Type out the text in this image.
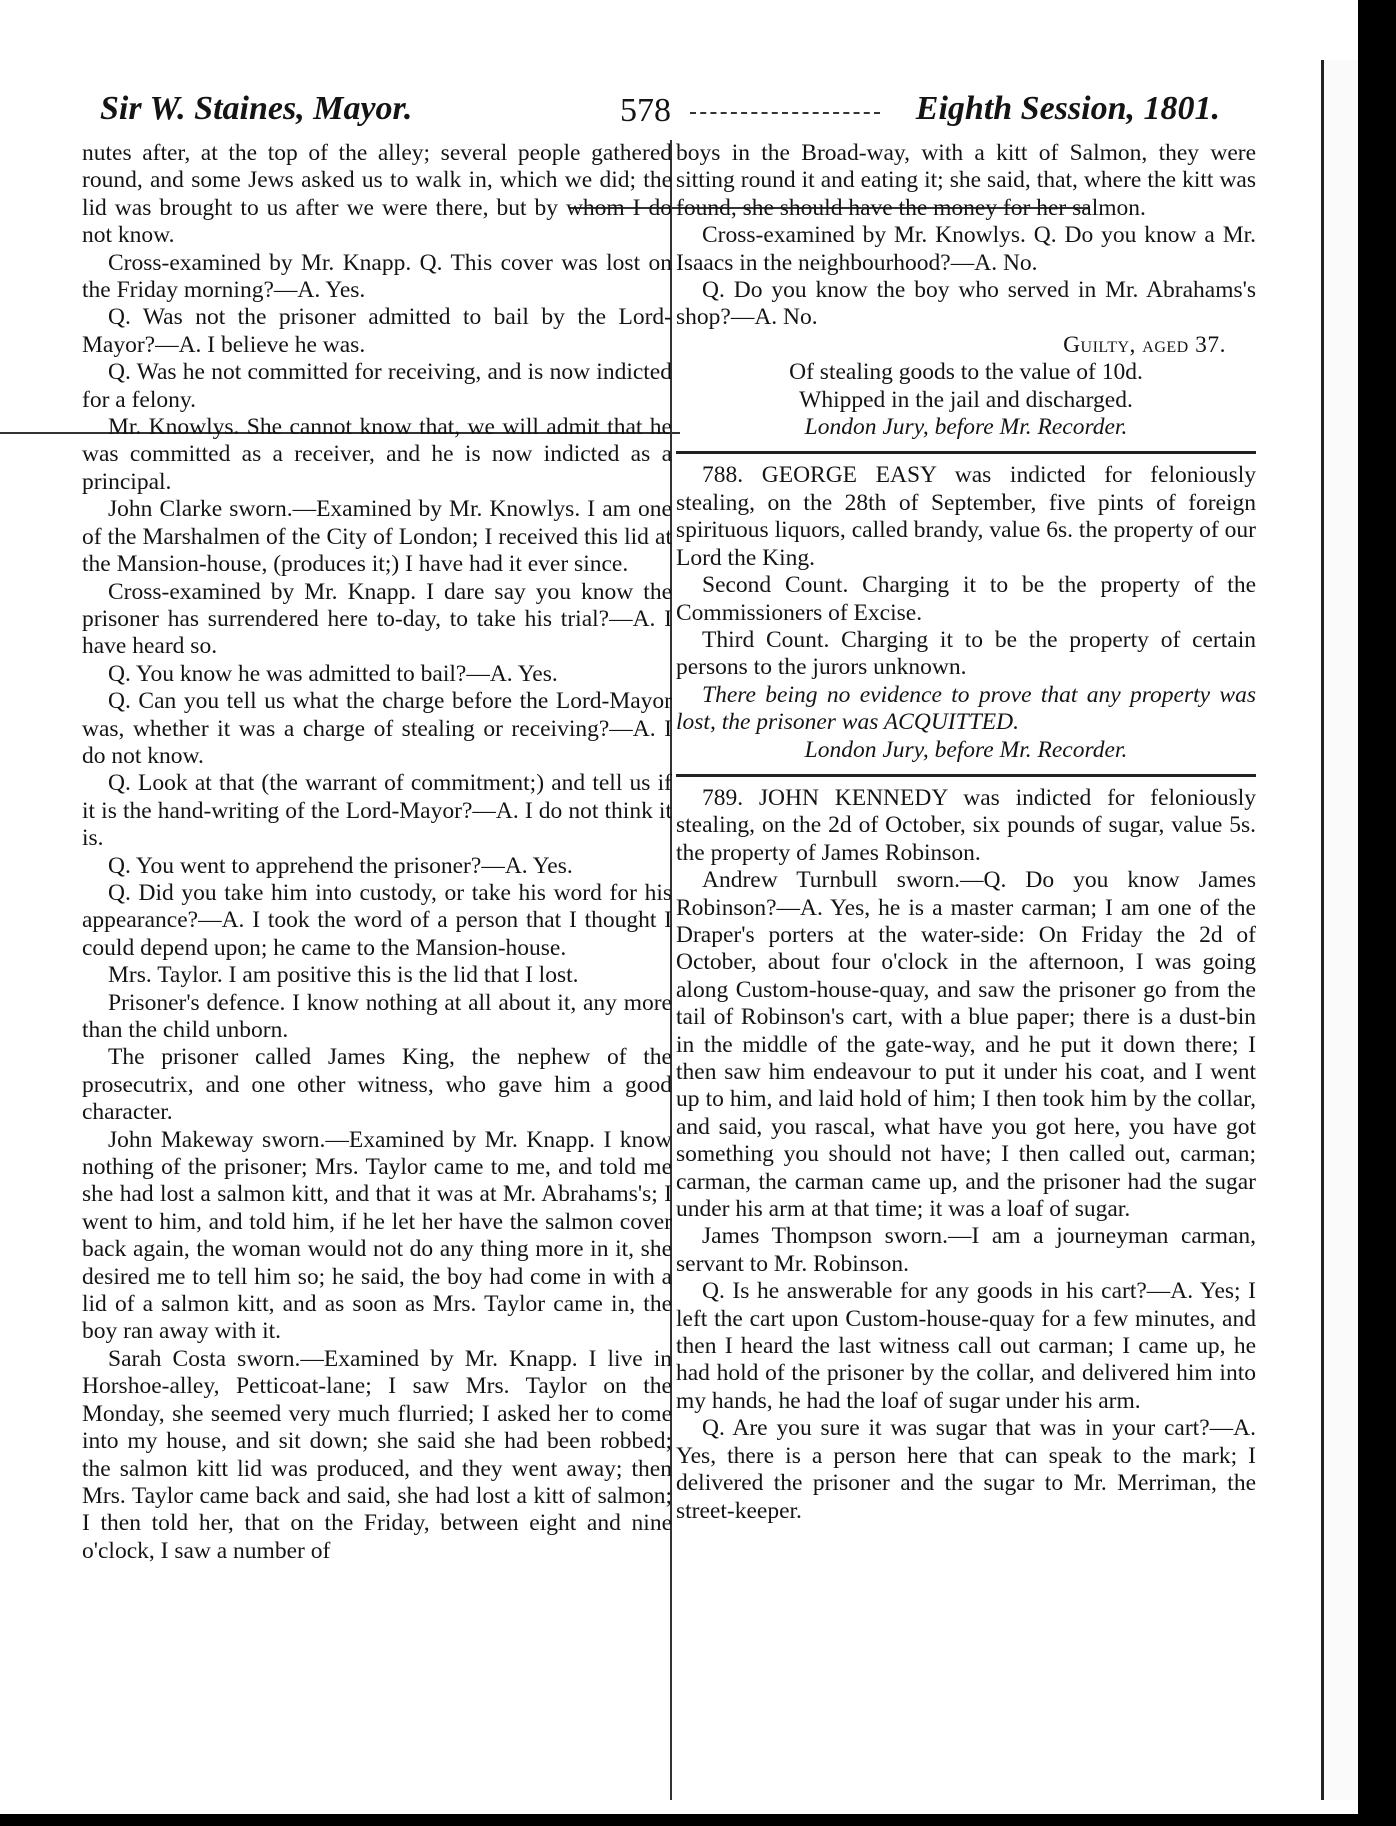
Sir W. Staines, Mayor.	578	Eighth Session, 1801.

nutes after, at the top of the alley; several people gathered round, and some Jews asked us to walk in, which we did; the lid was brought to us after we were there, but by whom I do not know.

Cross-examined by Mr. Knapp. Q. This cover was lost on the Friday morning?—A. Yes.

Q. Was not the prisoner admitted to bail by the Lord-Mayor?—A. I believe he was.

Q. Was he not committed for receiving, and is now indicted for a felony.

Mr. Knowlys. She cannot know that, we will admit that he was committed as a receiver, and he is now indicted as a principal.

John Clarke sworn.—Examined by Mr. Knowlys. I am one of the Marshalmen of the City of London; I received this lid at the Mansion-house, (produces it;) I have had it ever since.

Cross-examined by Mr. Knapp. I dare say you know the prisoner has surrendered here to-day, to take his trial?—A. I have heard so.

Q. You know he was admitted to bail?—A. Yes.

Q. Can you tell us what the charge before the Lord-Mayor was, whether it was a charge of stealing or receiving?—A. I do not know.

Q. Look at that (the warrant of commitment;) and tell us if it is the hand-writing of the Lord-Mayor?—A. I do not think it is.

Q. You went to apprehend the prisoner?—A. Yes.

Q. Did you take him into custody, or take his word for his appearance?—A. I took the word of a person that I thought I could depend upon; he came to the Mansion-house.

Mrs. Taylor. I am positive this is the lid that I lost.

Prisoner's defence. I know nothing at all about it, any more than the child unborn.

The prisoner called James King, the nephew of the prosecutrix, and one other witness, who gave him a good character.

John Makeway sworn.—Examined by Mr. Knapp. I know nothing of the prisoner; Mrs. Taylor came to me, and told me she had lost a salmon kitt, and that it was at Mr. Abrahams's; I went to him, and told him, if he let her have the salmon cover back again, the woman would not do any thing more in it, she desired me to tell him so; he said, the boy had come in with a lid of a salmon kitt, and as soon as Mrs. Taylor came in, the boy ran away with it.

Sarah Costa sworn.—Examined by Mr. Knapp. I live in Horshoe-alley, Petticoat-lane; I saw Mrs. Taylor on the Monday, she seemed very much flurried; I asked her to come into my house, and sit down; she said she had been robbed; the salmon kitt lid was produced, and they went away; then Mrs. Taylor came back and said, she had lost a kitt of salmon; I then told her, that on the Friday, between eight and nine o'clock, I saw a number of

boys in the Broad-way, with a kitt of Salmon, they were sitting round it and eating it; she said, that, where the kitt was found, she should have the money for her salmon.

Cross-examined by Mr. Knowlys. Q. Do you know a Mr. Isaacs in the neighbourhood?—A. No.

Q. Do you know the boy who served in Mr. Abrahams's shop?—A. No.

Guilty, aged 37.

Of stealing goods to the value of 10d.

Whipped in the jail and discharged.

London Jury, before Mr. Recorder.

788. GEORGE EASY was indicted for feloniously stealing, on the 28th of September, five pints of foreign spirituous liquors, called brandy, value 6s. the property of our Lord the King.

Second Count. Charging it to be the property of the Commissioners of Excise.

Third Count. Charging it to be the property of certain persons to the jurors unknown.

There being no evidence to prove that any property was lost, the prisoner was ACQUITTED.

London Jury, before Mr. Recorder.

789. JOHN KENNEDY was indicted for feloniously stealing, on the 2d of October, six pounds of sugar, value 5s. the property of James Robinson.

Andrew Turnbull sworn.—Q. Do you know James Robinson?—A. Yes, he is a master carman; I am one of the Draper's porters at the water-side: On Friday the 2d of October, about four o'clock in the afternoon, I was going along Custom-house-quay, and saw the prisoner go from the tail of Robinson's cart, with a blue paper; there is a dust-bin in the middle of the gate-way, and he put it down there; I then saw him endeavour to put it under his coat, and I went up to him, and laid hold of him; I then took him by the collar, and said, you rascal, what have you got here, you have got something you should not have; I then called out, carman; carman, the carman came up, and the prisoner had the sugar under his arm at that time; it was a loaf of sugar.

James Thompson sworn.—I am a journeyman carman, servant to Mr. Robinson.

Q. Is he answerable for any goods in his cart?—A. Yes; I left the cart upon Custom-house-quay for a few minutes, and then I heard the last witness call out carman; I came up, he had hold of the prisoner by the collar, and delivered him into my hands, he had the loaf of sugar under his arm.

Q. Are you sure it was sugar that was in your cart?—A. Yes, there is a person here that can speak to the mark; I delivered the prisoner and the sugar to Mr. Merriman, the street-keeper.
